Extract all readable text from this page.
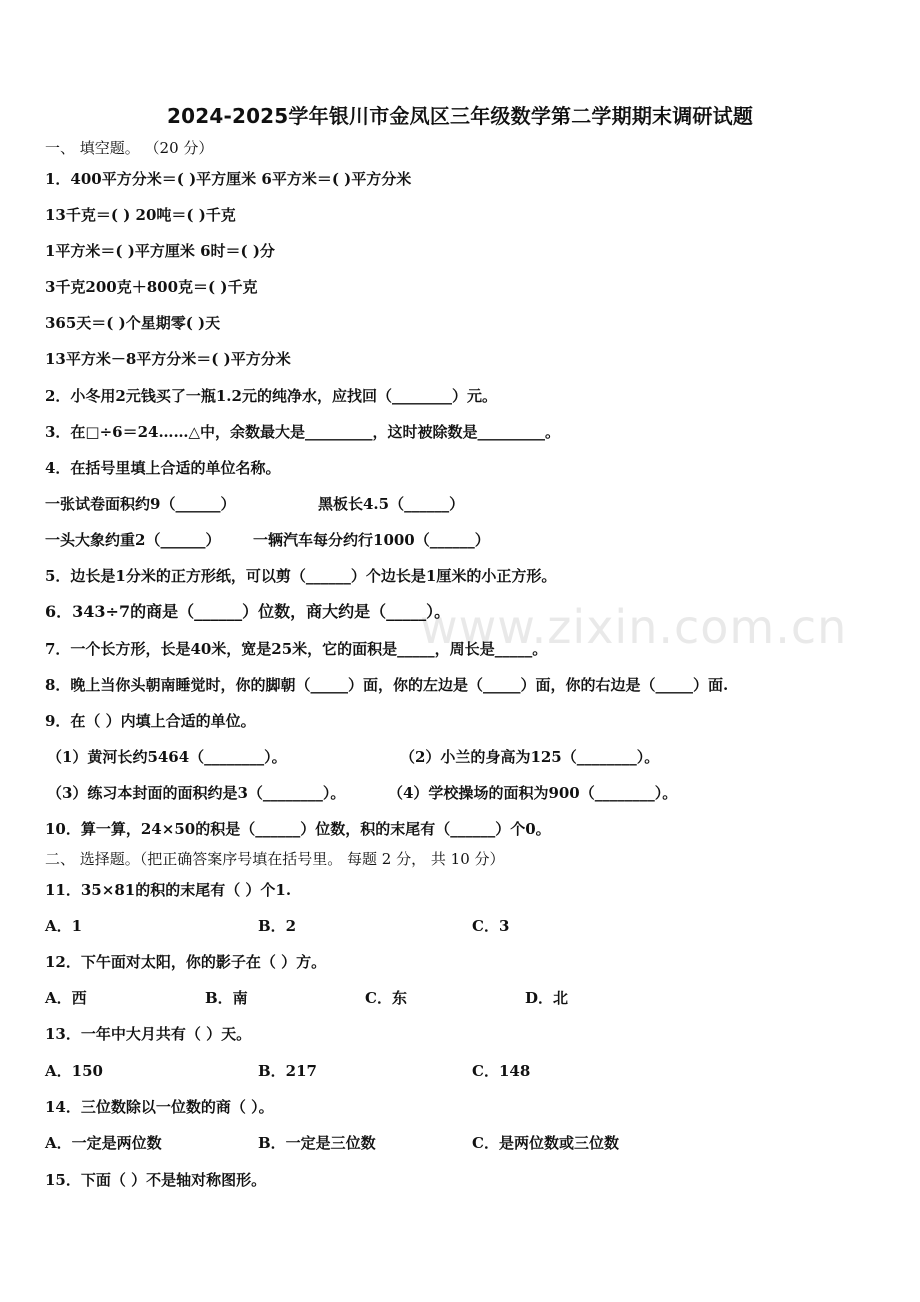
www.zixin.com.cn
2024-2025学年银川市金凤区三年级数学第二学期期末调研试题
一、 填空题。 （20 分）
1．400平方分米＝( )平方厘米 6平方米＝( )平方分米
13千克＝( ) 20吨＝( )千克
1平方米＝( )平方厘米 6时＝( )分
3千克200克＋800克＝( )千克
365天＝( )个星期零( )天
13平方米－8平方分米＝( )平方分米
2．小冬用2元钱买了一瓶1.2元的纯净水，应找回（________）元。
3．在□÷6＝24……△中，余数最大是_________，这时被除数是_________。
4．在括号里填上合适的单位名称。
一张试卷面积约9（______）	黑板长4.5（______）
一头大象约重2（______） 一辆汽车每分约行1000（______）
5．边长是1分米的正方形纸，可以剪（______）个边长是1厘米的小正方形。
6．343÷7的商是（______）位数，商大约是（_____）。
7．一个长方形，长是40米，宽是25米，它的面积是_____，周长是_____。
8．晚上当你头朝南睡觉时，你的脚朝（_____）面，你的左边是（_____）面，你的右边是（_____）面.
9．在（ ）内填上合适的单位。
（1）黄河长约5464（________）。	（2）小兰的身高为125（________）。
（3）练习本封面的面积约是3（________）。	（4）学校操场的面积为900（________）。
10．算一算，24×50的积是（______）位数，积的末尾有（______）个0。
二、 选择题。（把正确答案序号填在括号里。 每题 2 分， 共 10 分）
11．35×81的积的末尾有（ ）个1.
A．1	B．2	C．3
12．下午面对太阳，你的影子在（ ）方。
A．西	B．南	C．东	D．北
13．一年中大月共有（ ）天。
A．150	B．217	C．148
14．三位数除以一位数的商（ ）。
A．一定是两位数	B．一定是三位数	C．是两位数或三位数
15．下面（ ）不是轴对称图形。
